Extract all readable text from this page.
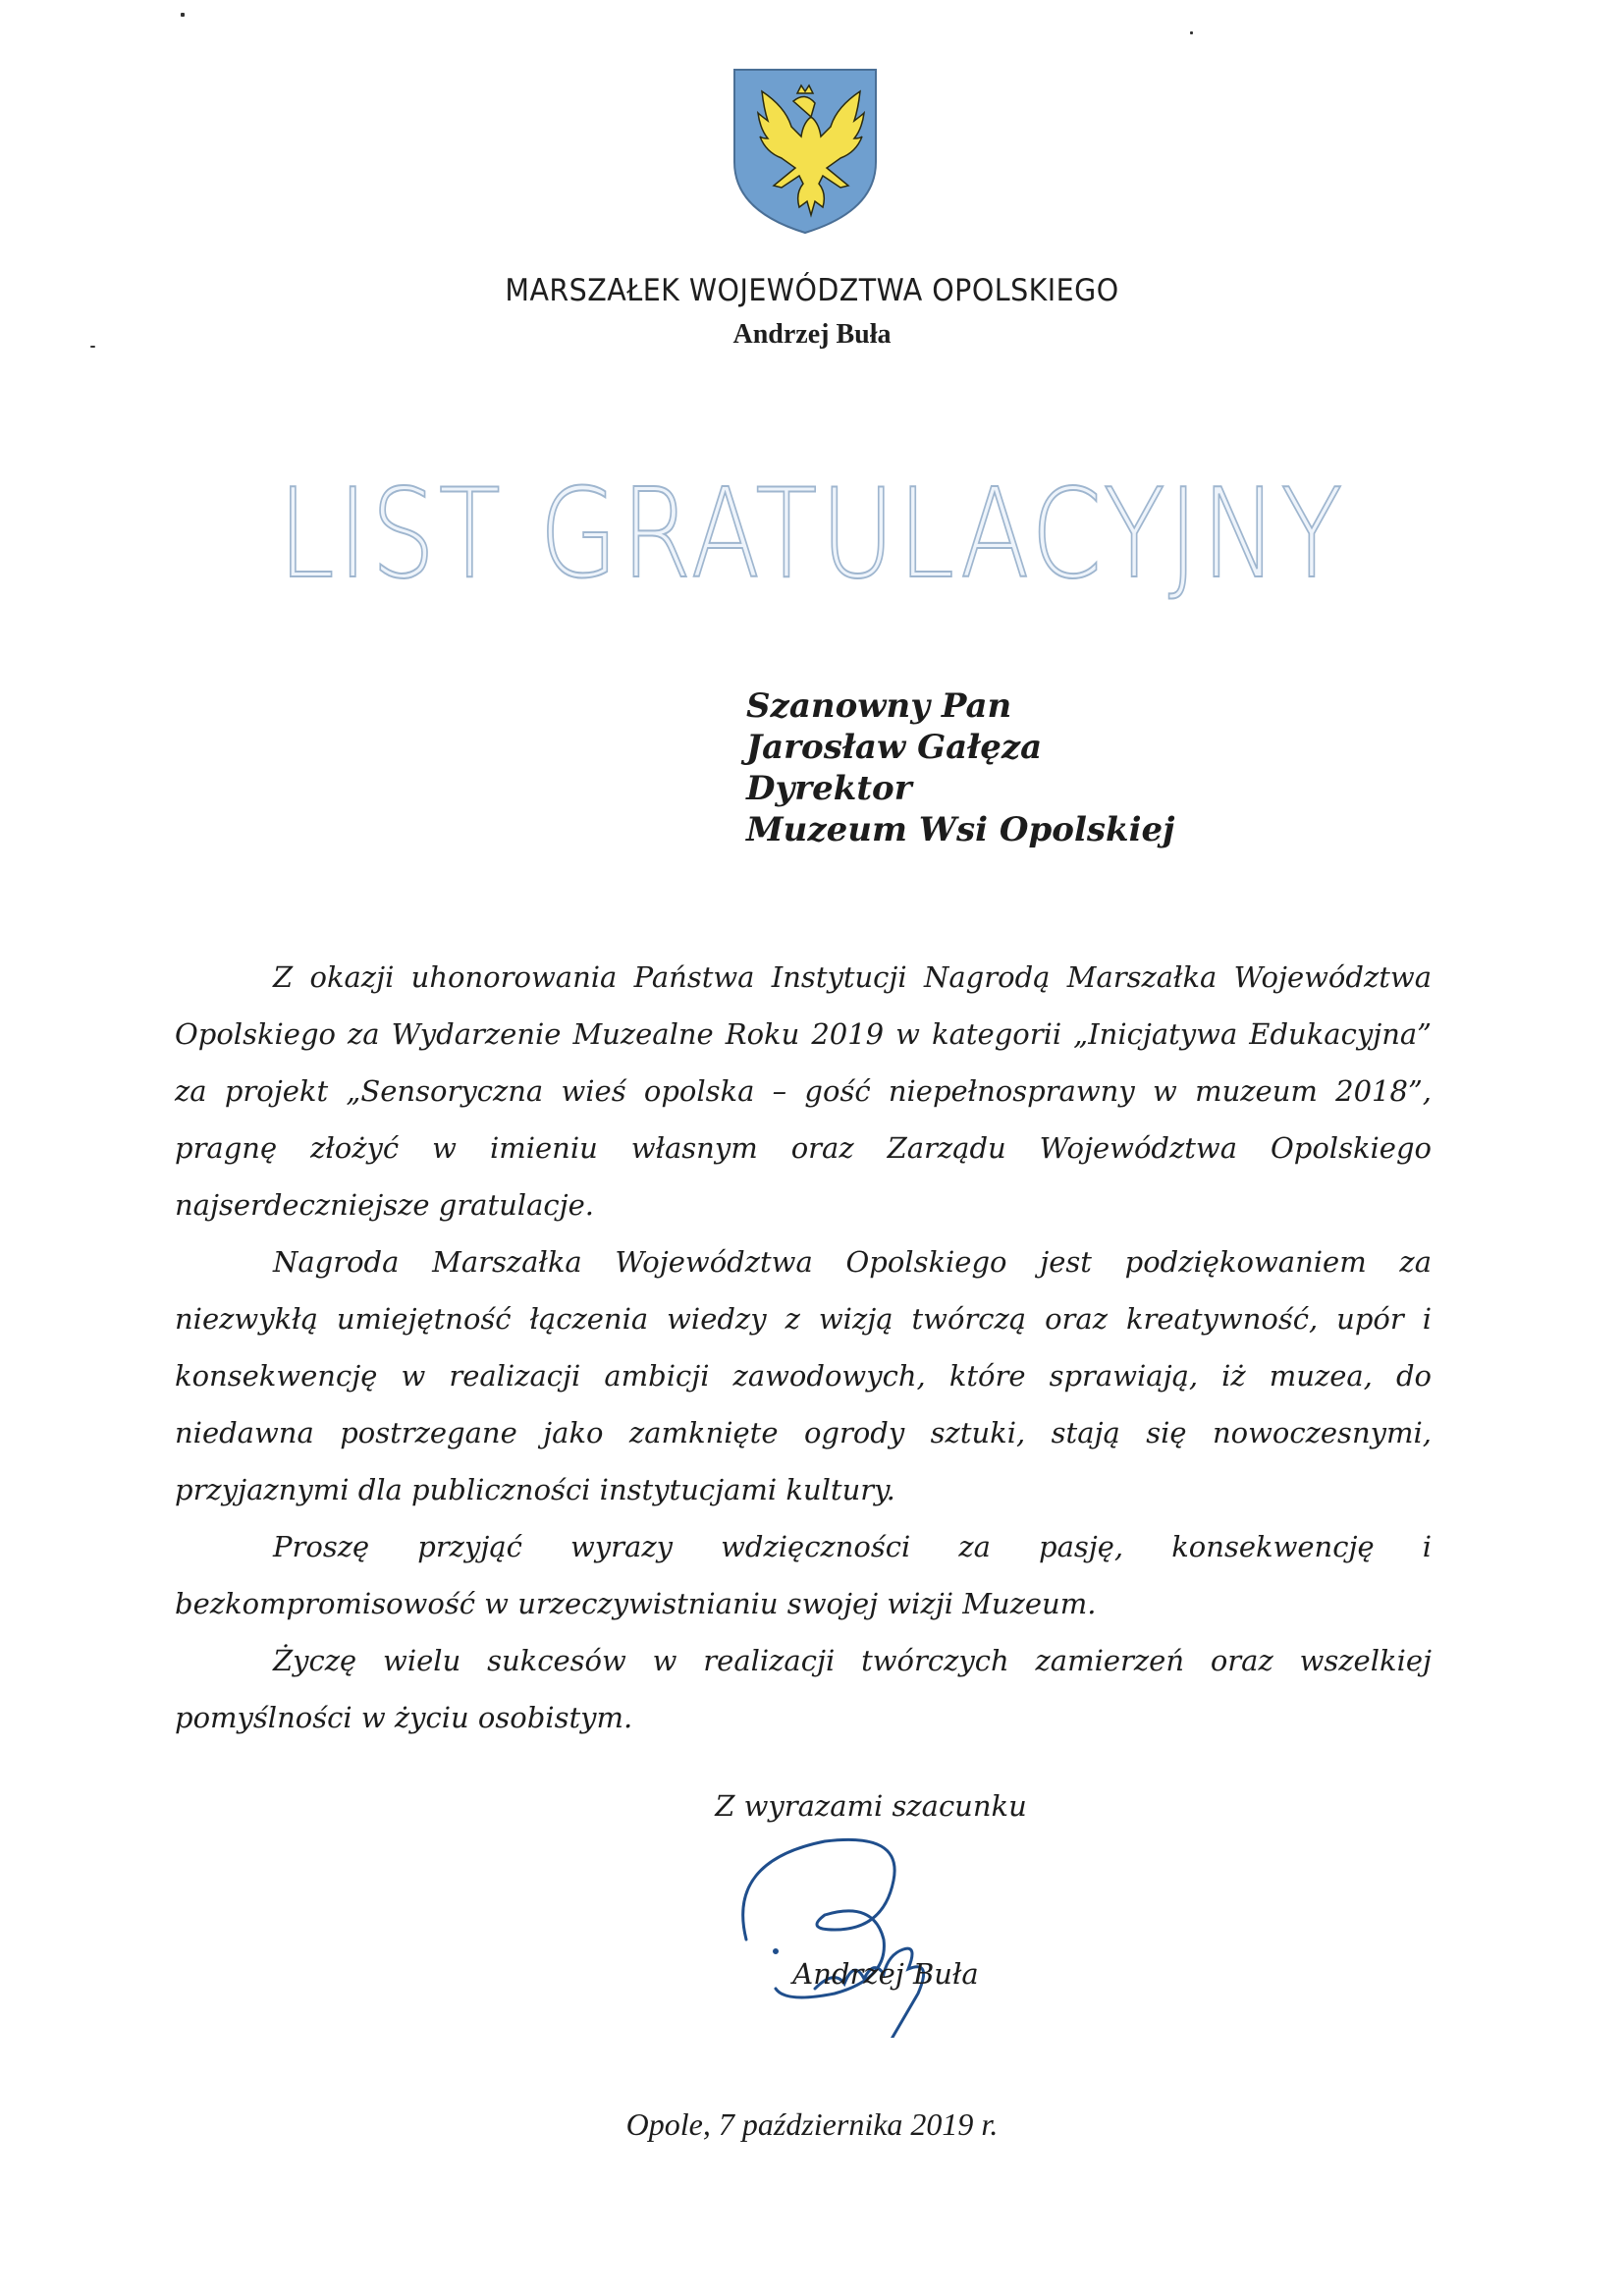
MARSZAŁEK WOJEWÓDZTWA OPOLSKIEGO
Andrzej Buła
LIST GRATULACYJNY
Szanowny Pan
Jarosław Gałęza
Dyrektor
Muzeum Wsi Opolskiej

Z okazji uhonorowania Państwa Instytucji Nagrodą Marszałka Województwa Opolskiego za Wydarzenie Muzealne Roku 2019 w kategorii „Inicjatywa Edukacyjna” za projekt „Sensoryczna wieś opolska – gość niepełnosprawny w muzeum 2018”, pragnę złożyć w imieniu własnym oraz Zarządu Województwa Opolskiego najserdeczniejsze gratulacje.

Nagroda Marszałka Województwa Opolskiego jest podziękowaniem za niezwykłą umiejętność łączenia wiedzy z wizją twórczą oraz kreatywność, upór i konsekwencję w realizacji ambicji zawodowych, które sprawiają, iż muzea, do niedawna postrzegane jako zamknięte ogrody sztuki, stają się nowoczesnymi, przyjaznymi dla publiczności instytucjami kultury.

Proszę przyjąć wyrazy wdzięczności za pasję, konsekwencję i bezkompromisowość w urzeczywistnianiu swojej wizji Muzeum.

Życzę wielu sukcesów w realizacji twórczych zamierzeń oraz wszelkiej pomyślności w życiu osobistym.

Z wyrazami szacunku
Andrzej Buła
Opole, 7 października 2019 r.
